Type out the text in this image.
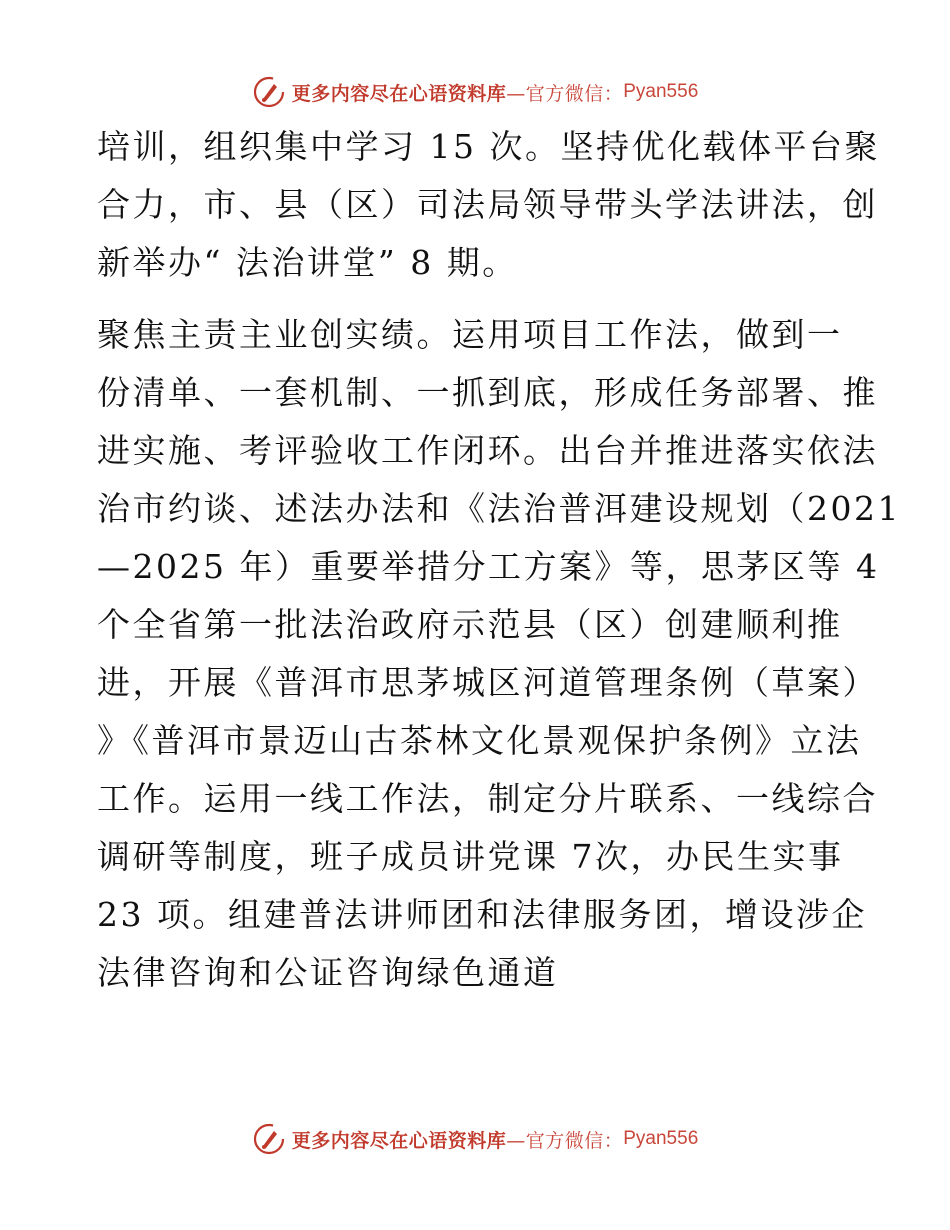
更多内容尽在心语资料库 —官方微信： Pyan556
培训，组织集中学习 15 次。坚持优化载体平台聚
合力，市、县（区）司法局领导带头学法讲法，创
新举办“ 法治讲堂” 8 期。
聚焦主责主业创实绩。运用项目工作法，做到一
份清单、一套机制、一抓到底，形成任务部署、推
进实施、考评验收工作闭环。出台并推进落实依法
治市约谈、述法办法和《法治普洱建设规划（2021
—2025 年）重要举措分工方案》等，思茅区等 4
个全省第一批法治政府示范县（区）创建顺利推
进，开展《普洱市思茅城区河道管理条例（草案）
》《普洱市景迈山古茶林文化景观保护条例》立法
工作。运用一线工作法，制定分片联系、一线综合
调研等制度，班子成员讲党课 7次，办民生实事
23 项。组建普法讲师团和法律服务团，增设涉企
法律咨询和公证咨询绿色通道
更多内容尽在心语资料库 —官方微信： Pyan556
